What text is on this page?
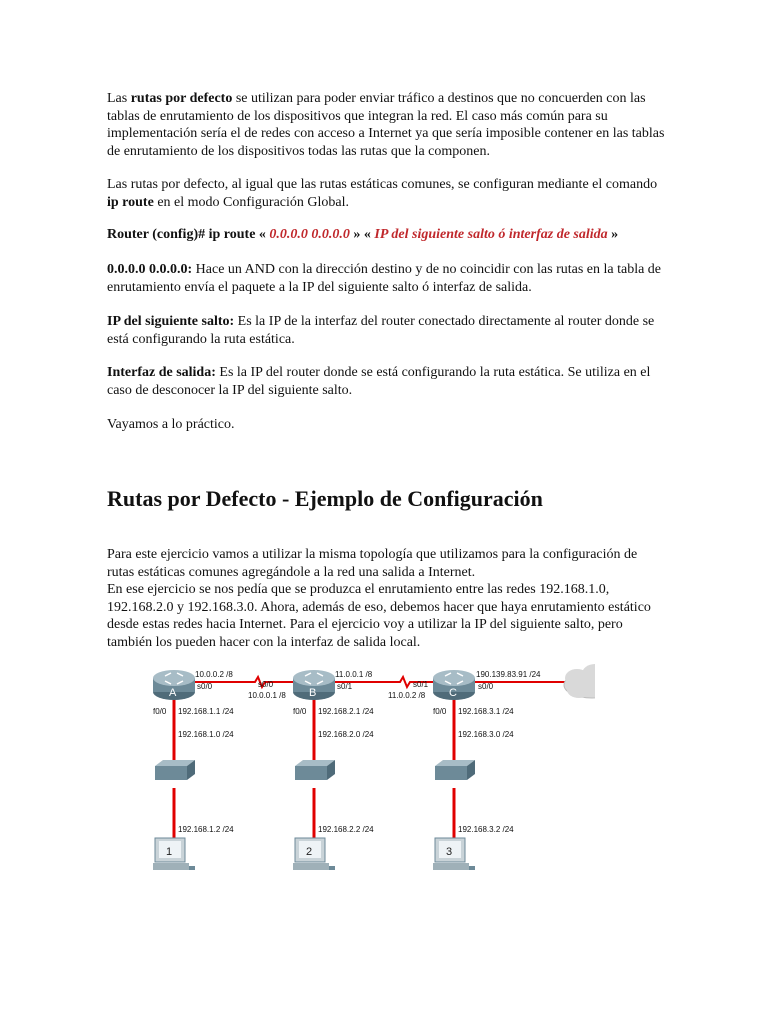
Las rutas por defecto se utilizan para poder enviar tráfico a destinos que no concuerden con las tablas de enrutamiento de los dispositivos que integran la red. El caso más común para su implementación sería el de redes con acceso a Internet ya que sería imposible contener en las tablas de enrutamiento de los dispositivos todas las rutas que la componen.

Las rutas por defecto, al igual que las rutas estáticas comunes, se configuran mediante el comando ip route en el modo Configuración Global.

Router (config)# ip route « 0.0.0.0 0.0.0.0 » « IP del siguiente salto ó interfaz de salida »

0.0.0.0 0.0.0.0: Hace un AND con la dirección destino y de no coincidir con las rutas en la tabla de enrutamiento envía el paquete a la IP del siguiente salto ó interfaz de salida.

IP del siguiente salto: Es la IP de la interfaz del router conectado directamente al router donde se está configurando la ruta estática.

Interfaz de salida: Es la IP del router donde se está configurando la ruta estática. Se utiliza en el caso de desconocer la IP del siguiente salto.

Vayamos a lo práctico.

Rutas por Defecto - Ejemplo de Configuración

Para este ejercicio vamos a utilizar la misma topología que utilizamos para la configuración de rutas estáticas comunes agregándole a la red una salida a Internet.

En ese ejercicio se nos pedía que se produzca el enrutamiento entre las redes 192.168.1.0, 192.168.2.0 y 192.168.3.0. Ahora, además de eso, debemos hacer que haya enrutamiento estático desde estas redes hacia Internet. Para el ejercicio voy a utilizar la IP del siguiente salto, pero también los pueden hacer con la interfaz de salida local.

A	B	C
1	2	3
10.0.0.2 /8
s0/0
f0/0 192.168.1.1 /24
192.168.1.0 /24
192.168.1.2 /24
s0/0
10.0.0.1 /8
11.0.0.1 /8
s0/1
f0/0 192.168.2.1 /24
192.168.2.0 /24
192.168.2.2 /24
s0/1
11.0.0.2 /8
190.139.83.91 /24
s0/0
f0/0 192.168.3.1 /24
192.168.3.0 /24
192.168.3.2 /24
